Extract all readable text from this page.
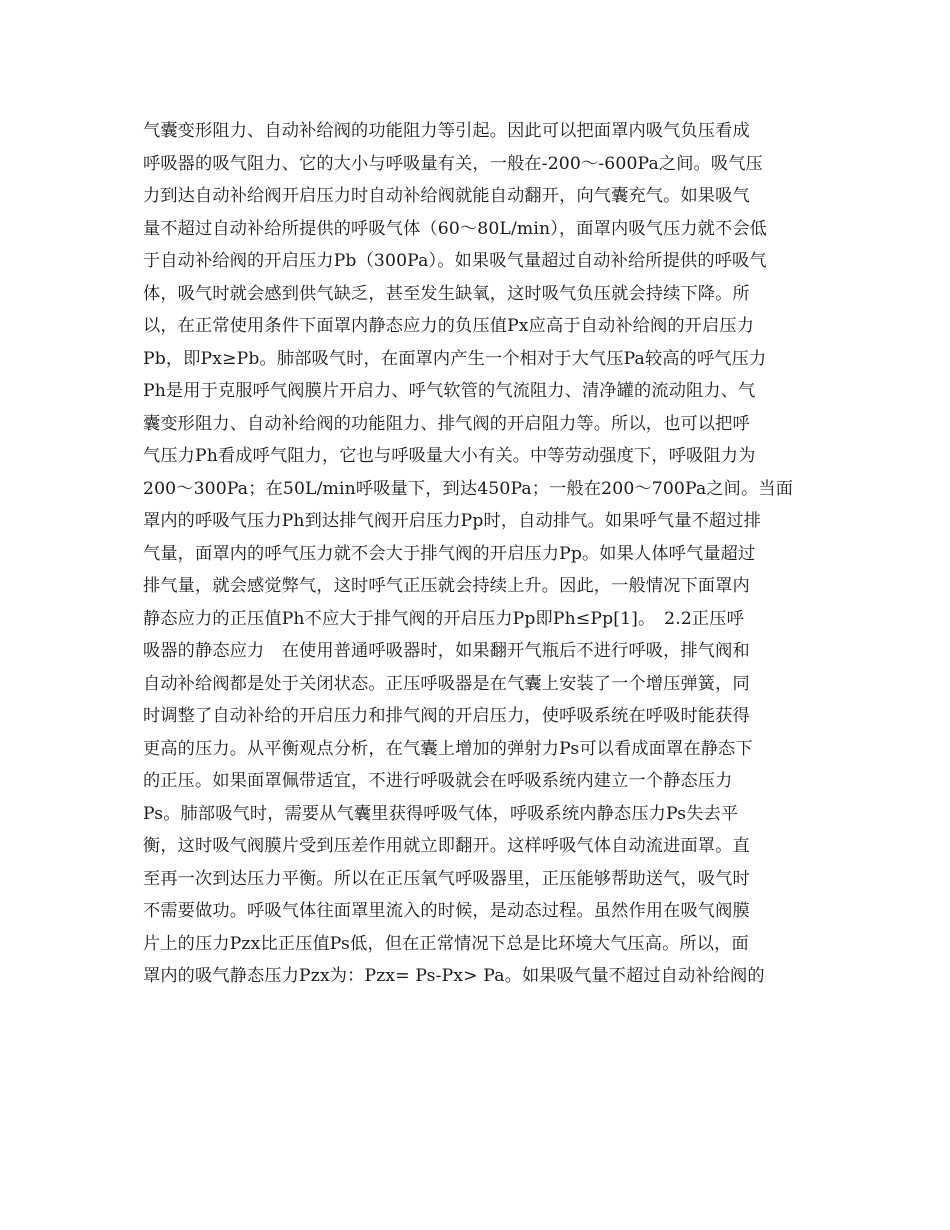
气囊变形阻力、自动补给阀的功能阻力等引起。因此可以把面罩内吸气负压看成
呼吸器的吸气阻力、它的大小与呼吸量有关，一般在-200～-600Pa之间。吸气压
力到达自动补给阀开启压力时自动补给阀就能自动翻开，向气囊充气。如果吸气
量不超过自动补给所提供的呼吸气体（60～80L/min），面罩内吸气压力就不会低
于自动补给阀的开启压力Pb（300Pa）。如果吸气量超过自动补给所提供的呼吸气
体，吸气时就会感到供气缺乏，甚至发生缺氧，这时吸气负压就会持续下降。所
以，在正常使用条件下面罩内静态应力的负压值Px应高于自动补给阀的开启压力
Pb，即Px≥Pb。肺部吸气时，在面罩内产生一个相对于大气压Pa较高的呼气压力
Ph是用于克服呼气阀膜片开启力、呼气软管的气流阻力、清净罐的流动阻力、气
囊变形阻力、自动补给阀的功能阻力、排气阀的开启阻力等。所以，也可以把呼
气压力Ph看成呼气阻力，它也与呼吸量大小有关。中等劳动强度下，呼吸阻力为
200～300Pa；在50L/min呼吸量下，到达450Pa；一般在200～700Pa之间。当面
罩内的呼吸气压力Ph到达排气阀开启压力Pp时，自动排气。如果呼气量不超过排
气量，面罩内的呼气压力就不会大于排气阀的开启压力Pp。如果人体呼气量超过
排气量，就会感觉弊气，这时呼气正压就会持续上升。因此，一般情况下面罩内
静态应力的正压值Ph不应大于排气阀的开启压力Pp即Ph≤Pp[1]。　2.2正压呼
吸器的静态应力　在使用普通呼吸器时，如果翻开气瓶后不进行呼吸，排气阀和
自动补给阀都是处于关闭状态。正压呼吸器是在气囊上安装了一个增压弹簧，同
时调整了自动补给的开启压力和排气阀的开启压力，使呼吸系统在呼吸时能获得
更高的压力。从平衡观点分析，在气囊上增加的弹射力Ps可以看成面罩在静态下
的正压。如果面罩佩带适宜，不进行呼吸就会在呼吸系统内建立一个静态压力
Ps。肺部吸气时，需要从气囊里获得呼吸气体，呼吸系统内静态压力Ps失去平
衡，这时吸气阀膜片受到压差作用就立即翻开。这样呼吸气体自动流进面罩。直
至再一次到达压力平衡。所以在正压氧气呼吸器里，正压能够帮助送气，吸气时
不需要做功。呼吸气体往面罩里流入的时候，是动态过程。虽然作用在吸气阀膜
片上的压力Pzx比正压值Ps低，但在正常情况下总是比环境大气压高。所以，面
罩内的吸气静态压力Pzx为：Pzx= Ps-Px> Pa。如果吸气量不超过自动补给阀的
